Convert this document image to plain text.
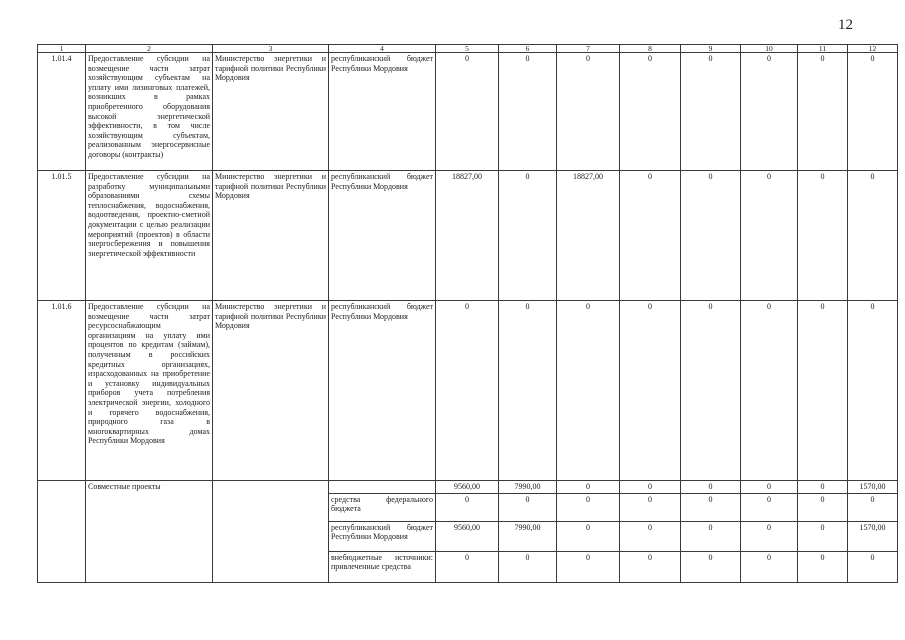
12
1	2	3	4	5	6	7	8	9	10	11	12
1.01.4	Предоставление субсидии на возмещение части затрат хозяйствующим субъектам на уплату ими лизинговых платежей, возникших в рамках приобретенного оборудования высокой энергетической эффективности, в том числе хозяйствующим субъектам, реализованным энергосервисные договоры (контракты)	Министерство энергетики и тарифной политики Республики Мордовия	республиканский бюджет Республики Мордовия	0	0	0	0	0	0	0	0
1.01.5	Предоставление субсидии на разработку муниципальными образованиями схемы теплоснабжения, водоснабжения, водоотведения, проектно-сметной документации с целью реализации мероприятий (проектов) в области энергосбережения и повышения энергетической эффективности	Министерство энергетики и тарифной политики Республики Мордовия	республиканский бюджет Республики Мордовия	18827,00	0	18827,00	0	0	0	0	0
1.01.6	Предоставление субсидии на возмещение части затрат ресурсоснабжающим организациям на уплату ими процентов по кредитам (займам), полученным в российских кредитных организациях, израсходованных на приобретение и установку индивидуальных приборов учета потребления электрической энергии, холодного и горячего водоснабжения, природного газа в многоквартирных домах Республики Мордовия	Министерство энергетики и тарифной политики Республики Мордовия	республиканский бюджет Республики Мордовия	0	0	0	0	0	0	0	0
	Совместные проекты			9560,00	7990,00	0	0	0	0	0	1570,00
			средства федерального бюджета	0	0	0	0	0	0	0	0
			республиканский бюджет Республики Мордовия	9560,00	7990,00	0	0	0	0	0	1570,00
			внебюджетные источники: привлеченные средства	0	0	0	0	0	0	0	0
